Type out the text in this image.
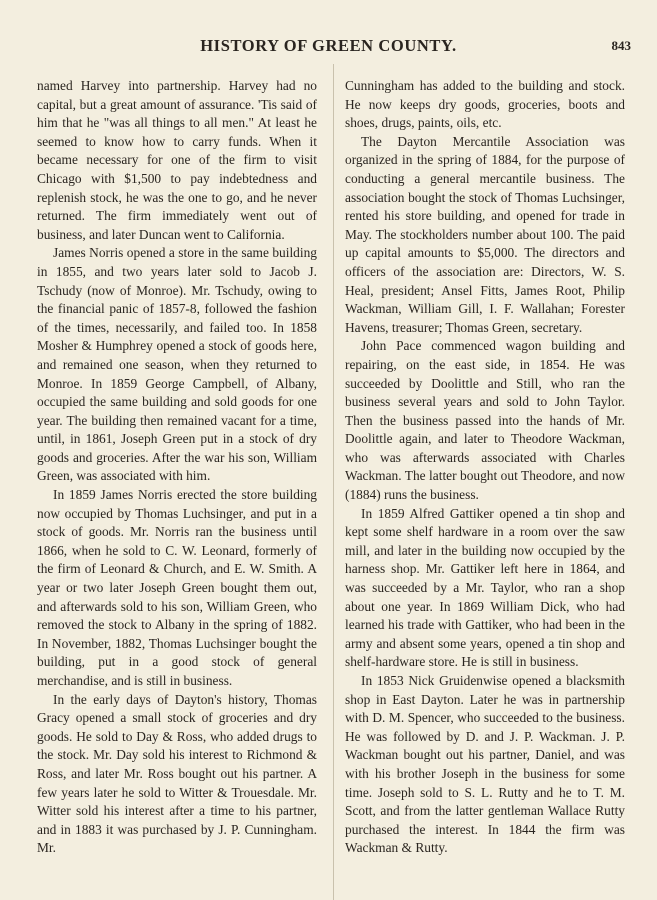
HISTORY OF GREEN COUNTY.	843

named Harvey into partnership. Harvey had no capital, but a great amount of assurance. 'Tis said of him that he "was all things to all men." At least he seemed to know how to carry funds. When it became necessary for one of the firm to visit Chicago with $1,500 to pay indebtedness and replenish stock, he was the one to go, and he never returned. The firm immediately went out of business, and later Duncan went to California.

James Norris opened a store in the same building in 1855, and two years later sold to Jacob J. Tschudy (now of Monroe). Mr. Tschudy, owing to the financial panic of 1857-8, followed the fashion of the times, necessarily, and failed too. In 1858 Mosher & Humphrey opened a stock of goods here, and remained one season, when they returned to Monroe. In 1859 George Campbell, of Albany, occupied the same building and sold goods for one year. The building then remained vacant for a time, until, in 1861, Joseph Green put in a stock of dry goods and groceries. After the war his son, William Green, was associated with him.

In 1859 James Norris erected the store building now occupied by Thomas Luchsinger, and put in a stock of goods. Mr. Norris ran the business until 1866, when he sold to C. W. Leonard, formerly of the firm of Leonard & Church, and E. W. Smith. A year or two later Joseph Green bought them out, and afterwards sold to his son, William Green, who removed the stock to Albany in the spring of 1882. In November, 1882, Thomas Luchsinger bought the building, put in a good stock of general merchandise, and is still in business.

In the early days of Dayton's history, Thomas Gracy opened a small stock of groceries and dry goods. He sold to Day & Ross, who added drugs to the stock. Mr. Day sold his interest to Richmond & Ross, and later Mr. Ross bought out his partner. A few years later he sold to Witter & Trouesdale. Mr. Witter sold his interest after a time to his partner, and in 1883 it was purchased by J. P. Cunningham. Mr.

Cunningham has added to the building and stock. He now keeps dry goods, groceries, boots and shoes, drugs, paints, oils, etc.

The Dayton Mercantile Association was organized in the spring of 1884, for the purpose of conducting a general mercantile business. The association bought the stock of Thomas Luchsinger, rented his store building, and opened for trade in May. The stockholders number about 100. The paid up capital amounts to $5,000. The directors and officers of the association are: Directors, W. S. Heal, president; Ansel Fitts, James Root, Philip Wackman, William Gill, I. F. Wallahan; Forester Havens, treasurer; Thomas Green, secretary.

John Pace commenced wagon building and repairing, on the east side, in 1854. He was succeeded by Doolittle and Still, who ran the business several years and sold to John Taylor. Then the business passed into the hands of Mr. Doolittle again, and later to Theodore Wackman, who was afterwards associated with Charles Wackman. The latter bought out Theodore, and now (1884) runs the business.

In 1859 Alfred Gattiker opened a tin shop and kept some shelf hardware in a room over the saw mill, and later in the building now occupied by the harness shop. Mr. Gattiker left here in 1864, and was succeeded by a Mr. Taylor, who ran a shop about one year. In 1869 William Dick, who had learned his trade with Gattiker, who had been in the army and absent some years, opened a tin shop and shelf-hardware store. He is still in business.

In 1853 Nick Gruidenwise opened a blacksmith shop in East Dayton. Later he was in partnership with D. M. Spencer, who succeeded to the business. He was followed by D. and J. P. Wackman. J. P. Wackman bought out his partner, Daniel, and was with his brother Joseph in the business for some time. Joseph sold to S. L. Rutty and he to T. M. Scott, and from the latter gentleman Wallace Rutty purchased the interest. In 1844 the firm was Wackman & Rutty.
